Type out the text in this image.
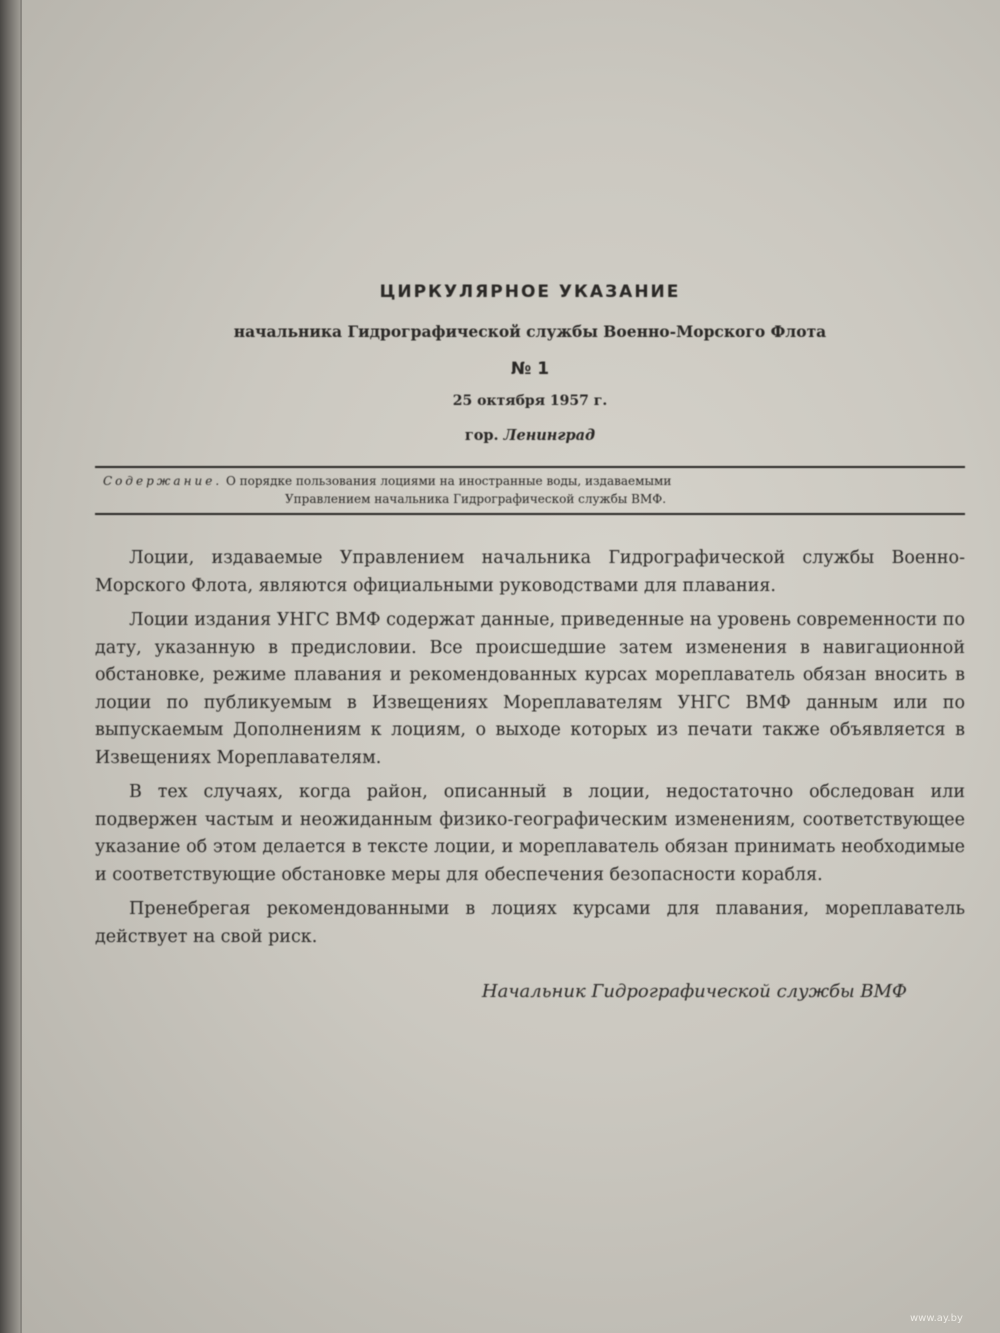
ЦИРКУЛЯРНОЕ УКАЗАНИЕ
начальника Гидрографической службы Военно-Морского Флота
№ 1
25 октября 1957 г.
гор. Ленинград
Содержание. О порядке пользования лоциями на иностранные воды, издаваемыми
Управлением начальника Гидрографической службы ВМФ.

Лоции, издаваемые Управлением начальника Гидрографической службы Военно-Морского Флота, являются официальными руководствами для плавания.

Лоции издания УНГС ВМФ содержат данные, приведенные на уровень современности по дату, указанную в предисловии. Все происшедшие затем изменения в навигационной обстановке, режиме плавания и рекомендованных курсах мореплаватель обязан вносить в лоции по публикуемым в Извещениях Мореплавателям УНГС ВМФ данным или по выпускаемым Дополнениям к лоциям, о выходе которых из печати также объявляется в Извещениях Мореплавателям.

В тех случаях, когда район, описанный в лоции, недостаточно обследован или подвержен частым и неожиданным физико-географическим изменениям, соответствующее указание об этом делается в тексте лоции, и мореплаватель обязан принимать необходимые и соответствующие обстановке меры для обеспечения безопасности корабля.

Пренебрегая рекомендованными в лоциях курсами для плавания, мореплаватель действует на свой риск.

Начальник Гидрографической службы ВМФ
www.ay.by
